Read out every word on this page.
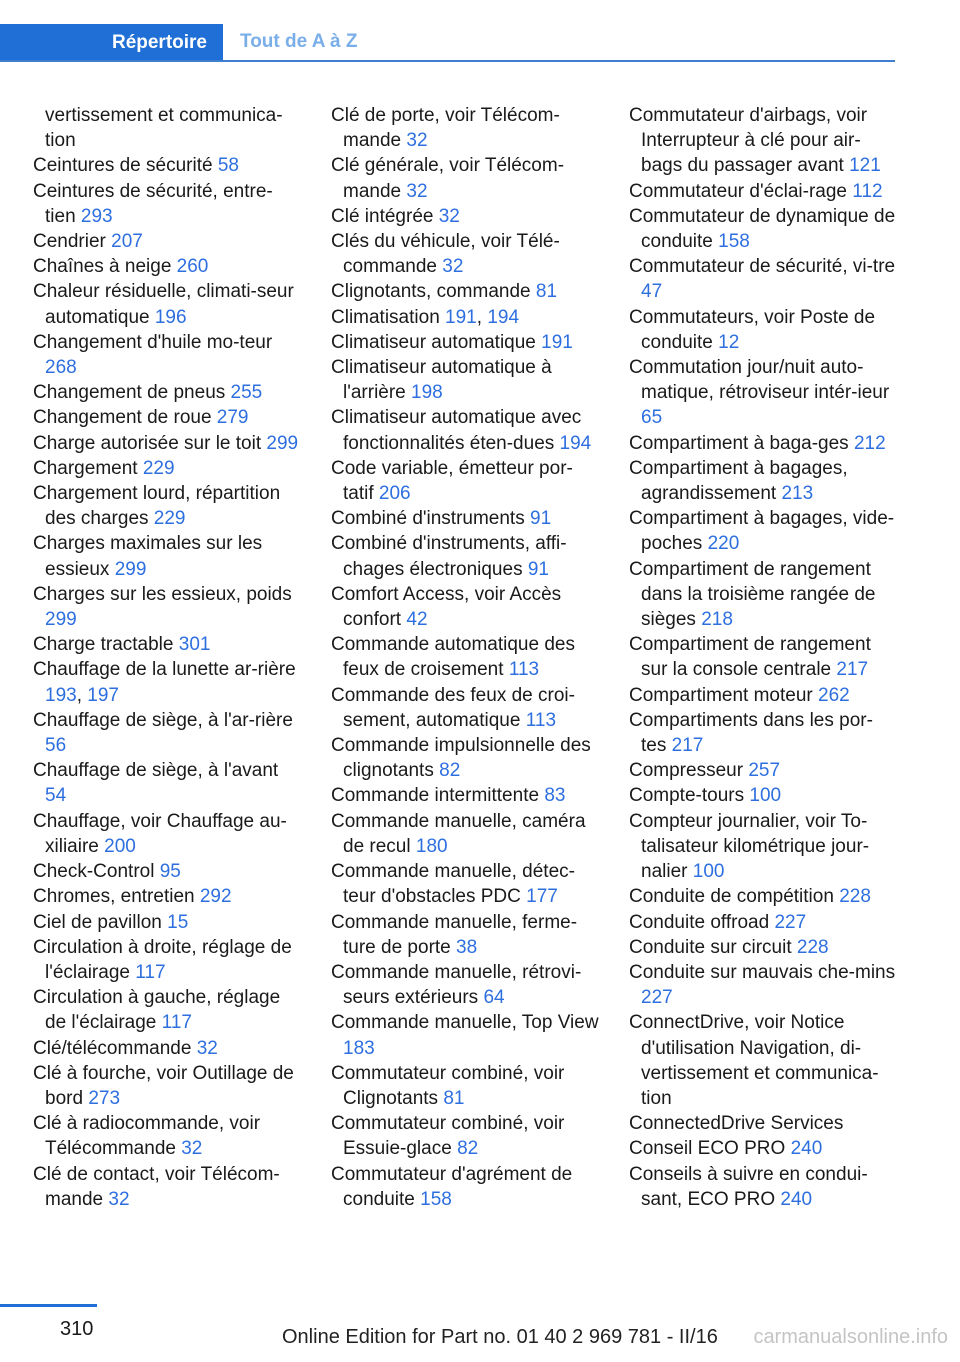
Répertoire	Tout de A à Z
vertissement et communica-tion
Ceintures de sécurité 58
Ceintures de sécurité, entre-tien 293
Cendrier 207
Chaînes à neige 260
Chaleur résiduelle, climati-seur automatique 196
Changement d'huile mo-teur 268
Changement de pneus 255
Changement de roue 279
Charge autorisée sur le toit 299
Chargement 229
Chargement lourd, répartition des charges 229
Charges maximales sur les essieux 299
Charges sur les essieux, poids 299
Charge tractable 301
Chauffage de la lunette ar-rière 193, 197
Chauffage de siège, à l'ar-rière 56
Chauffage de siège, à l'avant 54
Chauffage, voir Chauffage au-xiliaire 200
Check-Control 95
Chromes, entretien 292
Ciel de pavillon 15
Circulation à droite, réglage de l'éclairage 117
Circulation à gauche, réglage de l'éclairage 117
Clé/télécommande 32
Clé à fourche, voir Outillage de bord 273
Clé à radiocommande, voir Télécommande 32
Clé de contact, voir Télécom-mande 32
Clé de porte, voir Télécom-mande 32
Clé générale, voir Télécom-mande 32
Clé intégrée 32
Clés du véhicule, voir Télé-commande 32
Clignotants, commande 81
Climatisation 191, 194
Climatiseur automatique 191
Climatiseur automatique à l'arrière 198
Climatiseur automatique avec fonctionnalités éten-dues 194
Code variable, émetteur por-tatif 206
Combiné d'instruments 91
Combiné d'instruments, affi-chages électroniques 91
Comfort Access, voir Accès confort 42
Commande automatique des feux de croisement 113
Commande des feux de croi-sement, automatique 113
Commande impulsionnelle des clignotants 82
Commande intermittente 83
Commande manuelle, caméra de recul 180
Commande manuelle, détec-teur d'obstacles PDC 177
Commande manuelle, ferme-ture de porte 38
Commande manuelle, rétrovi-seurs extérieurs 64
Commande manuelle, Top View 183
Commutateur combiné, voir Clignotants 81
Commutateur combiné, voir Essuie-glace 82
Commutateur d'agrément de conduite 158
Commutateur d'airbags, voir Interrupteur à clé pour air-bags du passager avant 121
Commutateur d'éclai-rage 112
Commutateur de dynamique de conduite 158
Commutateur de sécurité, vi-tre 47
Commutateurs, voir Poste de conduite 12
Commutation jour/nuit auto-matique, rétroviseur intér-ieur 65
Compartiment à baga-ges 212
Compartiment à bagages, agrandissement 213
Compartiment à bagages, vide-poches 220
Compartiment de rangement dans la troisième rangée de sièges 218
Compartiment de rangement sur la console centrale 217
Compartiment moteur 262
Compartiments dans les por-tes 217
Compresseur 257
Compte-tours 100
Compteur journalier, voir To-talisateur kilométrique jour-nalier 100
Conduite de compétition 228
Conduite offroad 227
Conduite sur circuit 228
Conduite sur mauvais che-mins 227
ConnectDrive, voir Notice d'utilisation Navigation, di-vertissement et communica-tion
ConnectedDrive Services
Conseil ECO PRO 240
Conseils à suivre en condui-sant, ECO PRO 240
310	Online Edition for Part no. 01 40 2 969 781 - II/16 carmanualsonline.info
